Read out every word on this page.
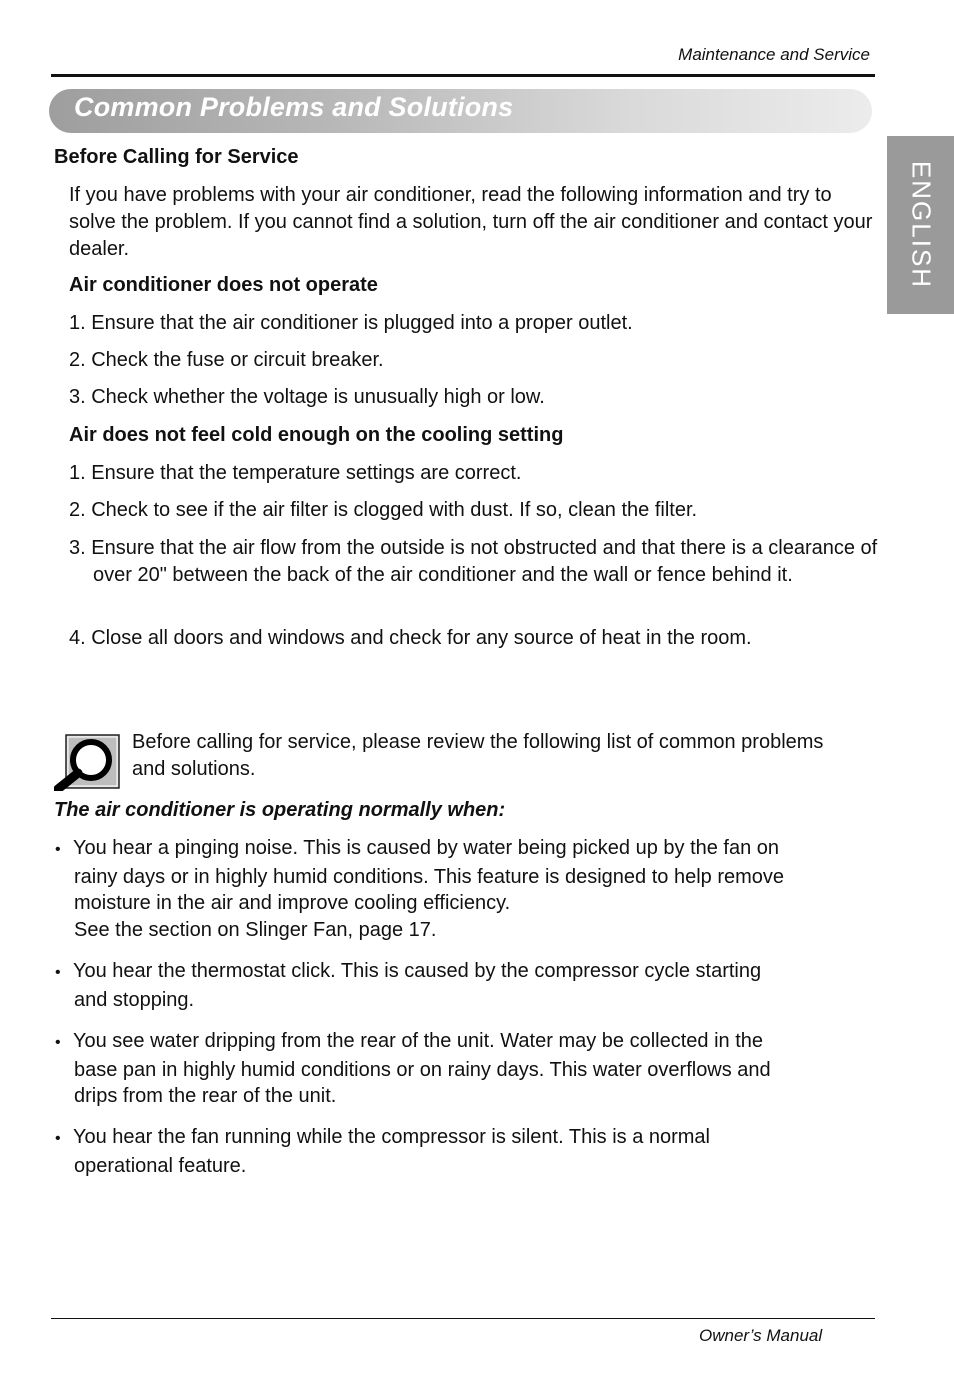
Maintenance and Service
Common Problems and Solutions
ENGLISH
Before Calling for Service
If you have problems with your air conditioner, read the following information and try to solve the problem. If you cannot find a solution, turn off the air conditioner and contact your dealer.
Air conditioner does not operate
1. Ensure that the air conditioner is plugged into a proper outlet.
2. Check the fuse or circuit breaker.
3. Check whether the voltage is unusually high or low.
Air does not feel cold enough on the cooling setting
1. Ensure that the temperature settings are correct.
2. Check to see if the air filter is clogged with dust. If so, clean the filter.
3. Ensure that the air flow from the outside is not obstructed and that there is a clearance of over 20" between the back of the air conditioner and the wall or fence behind it.
4. Close all doors and windows and check for any source of heat in the room.
Before calling for service, please review the following list of common problems and solutions.
The air conditioner is operating normally when:
• You hear a pinging noise. This is caused by water being picked up by the fan on
rainy days or in highly humid conditions. This feature is designed to help remove
moisture in the air and improve cooling efficiency.
See the section on Slinger Fan, page 17.
• You hear the thermostat click. This is caused by the compressor cycle starting
and stopping.
• You see water dripping from the rear of the unit. Water may be collected in the
base pan in highly humid conditions or on rainy days. This water overflows and
drips from the rear of the unit.
• You hear the fan running while the compressor is silent. This is a normal
operational feature.
Owner’s Manual
